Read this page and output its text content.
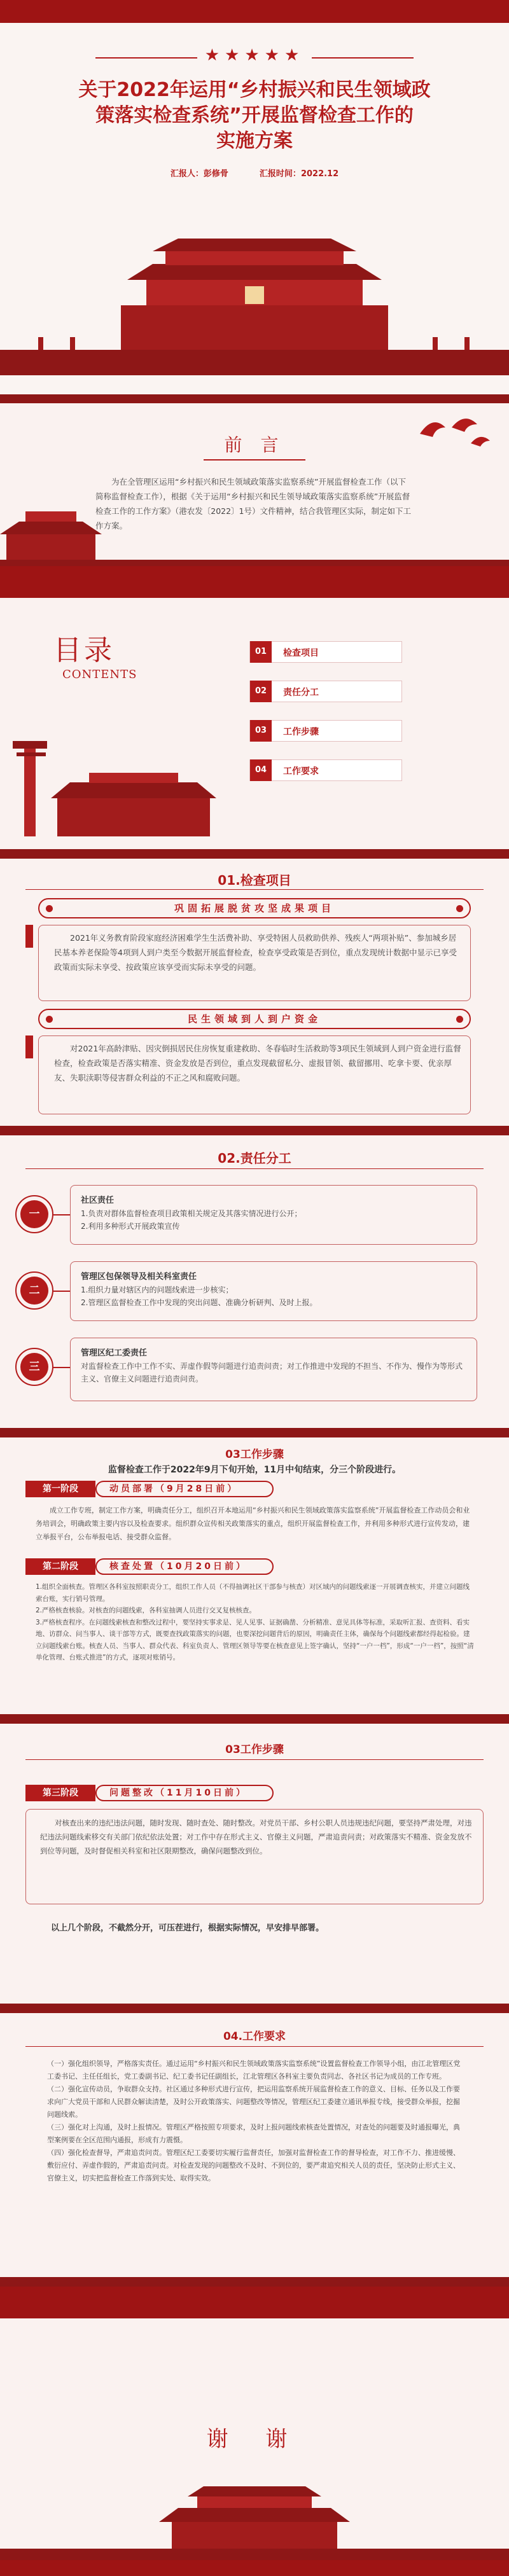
★★★★★
关于2022年运用“乡村振兴和民生领域政
策落实检查系统”开展监督检查工作的
实施方案
汇报人：彭修骨	汇报时间：2022.12
前 言
为在全管理区运用“乡村振兴和民生领域政策落实监察系统”开展监督检查工作（以下简称监督检查工作），根据《关于运用“乡村振兴和民生领导域政策落实监察系统”开展监督检查工作的工作方案》（港农发〔2022〕1号）文件精神，结合我管理区实际，制定如下工作方案。
目录
CONTENTS
01	检查项目
02	责任分工
03	工作步骤
04	工作要求
01.检查项目
巩固拓展脱贫攻坚成果项目
2021年义务教育阶段家庭经济困难学生生活费补助、享受特困人员救助供养、残疾人“两项补贴”、参加城乡居民基本养老保险等4项到人到户类至今数据开展监督检查，检查享受政策是否到位，重点发现统计数据中显示已享受政策而实际未享受、按政策应该享受而实际未享受的问题。
民生领域到人到户资金
对2021年高龄津贴、因灾倒损居民住房恢复重建救助、冬春临时生活救助等3项民生领域到人到户资金进行监督检查，检查政策是否落实精准、资金发放是否到位，重点发现截留私分、虚报冒领、截留挪用、吃拿卡要、优亲厚友、失职渎职等侵害群众利益的不正之风和腐败问题。
02.责任分工
一
社区责任
1.负责对群体监督检查项目政策相关规定及其落实情况进行公开；
2.利用多种形式开展政策宣传
二
管理区包保领导及相关科室责任
1.组织力量对辖区内的问题线索进一步核实；
2.管理区监督检查工作中发现的突出问题、准确分析研判、及时上报。
三
管理区纪工委责任
对监督检查工作中工作不实、弄虚作假等问题进行追责问责；对工作推进中发现的不担当、不作为、慢作为等形式主义、官僚主义问题进行追责问责。
03工作步骤
监督检查工作于2022年9月下旬开始，11月中旬结束，分三个阶段进行。
第一阶段	动员部署（9月28日前）
成立工作专班，制定工作方案，明确责任分工，组织召开本地运用“乡村振兴和民生领域政策落实监察系统”开展监督检查工作动员会和业务培训会，明确政策主要内容以及检查要求。组织群众宣传相关政策落实的重点，组织开展监督检查工作，并利用多种形式进行宣传发动，建立举报平台，公布举报电话、接受群众监督。
第二阶段	核查处置（10月20日前）
1.组织全面核查。管理区各科室按照职责分工，组织工作人员（不得抽调社区干部参与核查）对区域内的问题线索逐一开展调查核实，并建立问题线索台账，实行销号管理。
2.严格核查核验。对核查的问题线索，各科室抽调人员进行交叉复核核查。
3.严格核查程序。在问题线索核查和整改过程中，要坚持实事求是、见人见事、证据确凿、分析精准、意见具体等标准，采取听汇报、查资料、看实地、访群众、问当事人、谈干部等方式，既要查找政策落实的问题，也要深挖问题背后的原因，明确责任主体，确保每个问题线索都经得起检验。建立问题线索台账。核查人员、当事人、群众代表、科室负责人、管理区领导等要在核查意见上签字确认，坚持“一户一档”，形成“一户一档”，按照“清单化管理、台账式推进”的方式，逐项对账销号。
03工作步骤
第三阶段	问题整改（11月10日前）
对核查出来的违纪违法问题，随时发现、随时查处、随时整改。对党员干部、乡村公职人员违规违纪问题，要坚持严肃处理，对违纪违法问题线索移交有关部门依纪依法处置；对工作中存在形式主义、官僚主义问题，严肃追责问责；对政策落实不精准、资金发放不到位等问题，及时督促相关科室和社区限期整改，确保问题整改到位。
以上几个阶段，不截然分开，可压茬进行，根据实际情况，早安排早部署。
04.工作要求
（一）强化组织领导，严格落实责任。通过运用“乡村振兴和民生领域政策落实监察系统”设置监督检查工作领导小组，由江北管理区党工委书记、主任任组长，党工委副书记、纪工委书记任副组长，江北管理区各科室主要负责同志、各社区书记为成员的工作专班。
（二）强化宣传动员，争取群众支持。社区通过多种形式进行宣传，把运用监察系统开展监督检查工作的意义、目标、任务以及工作要求向广大党员干部和人民群众解读清楚，及时公开政策落实、问题整改等情况，管理区纪工委建立通讯举报专线，接受群众举报，挖掘问题线索。
（三）强化对上沟通，及时上报情况。管理区严格按照专项要求，及时上报问题线索核查处置情况，对查处的问题要及时通报曝光，典型案例要在全区范围内通报，形成有力震慑。
（四）强化检查督导，严肃追责问责。管理区纪工委要切实履行监督责任，加强对监督检查工作的督导检查，对工作不力、推进缓慢、敷衍应付、弄虚作假的，严肃追责问责。对检查发现的问题整改不及时、不到位的，要严肃追究相关人员的责任，坚决防止形式主义、官僚主义，切实把监督检查工作落到实处、取得实效。
谢 谢
